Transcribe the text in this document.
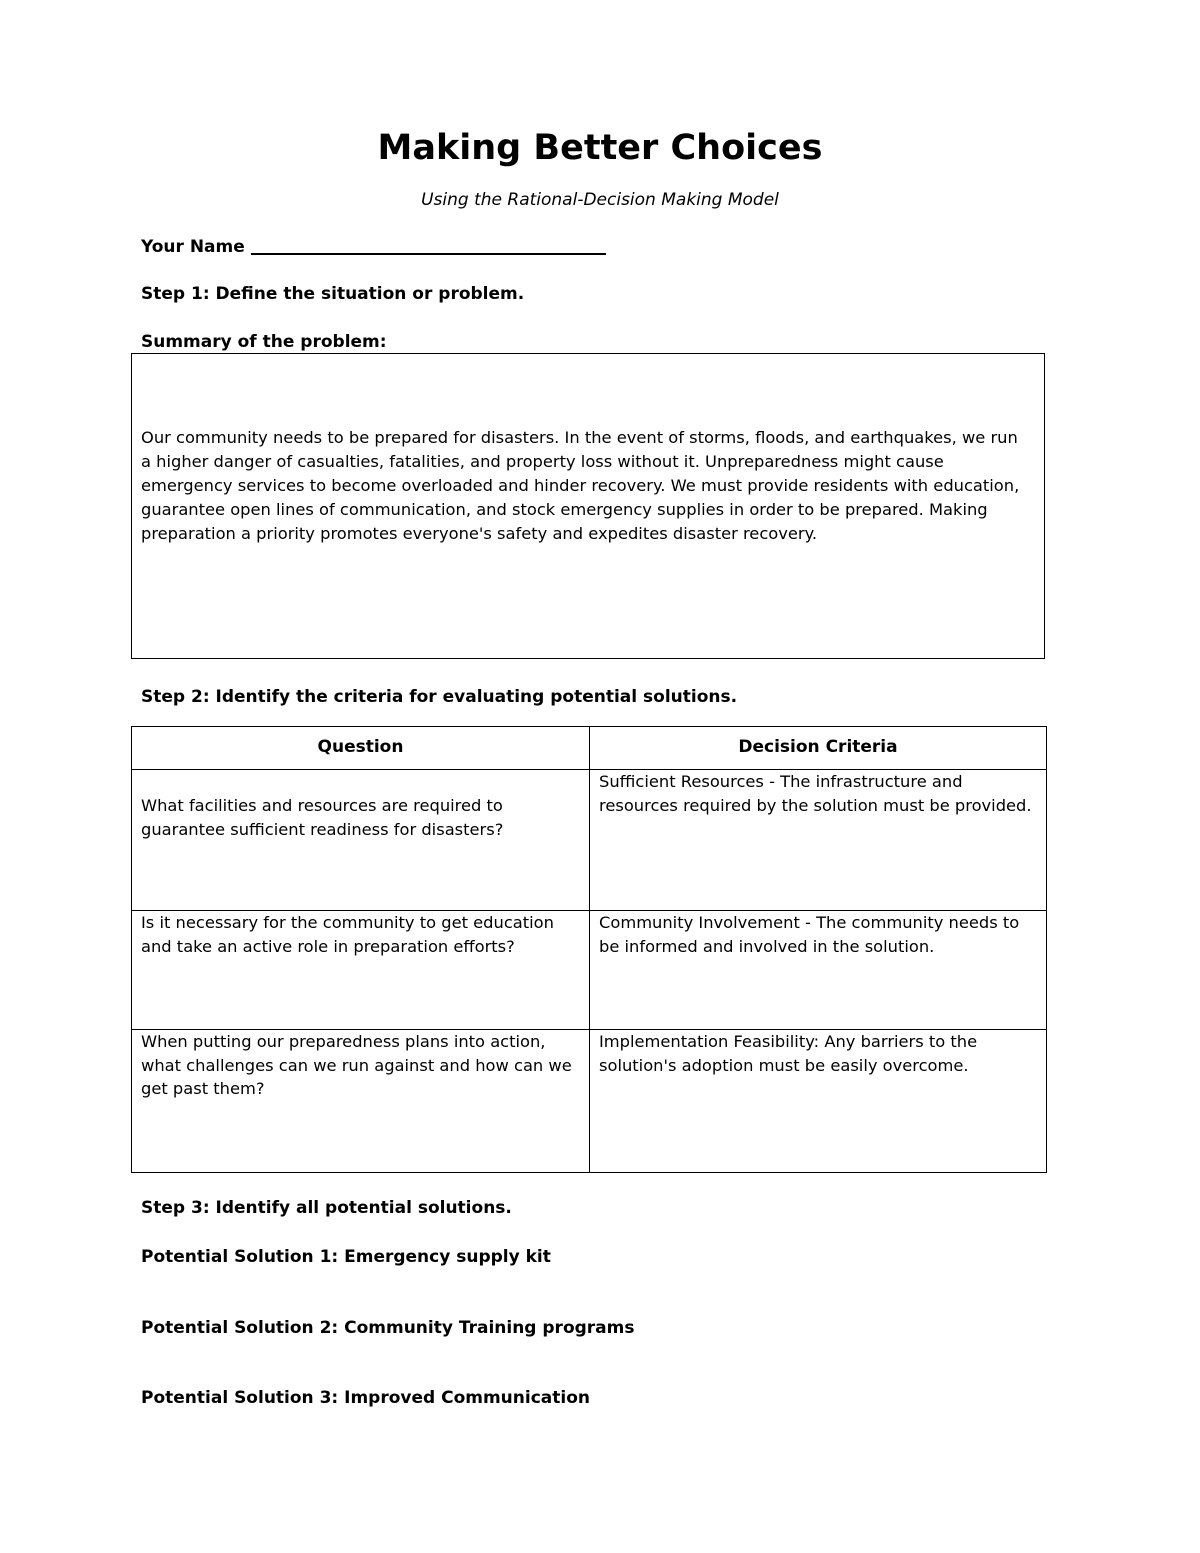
Making Better Choices

Using the Rational-Decision Making Model

Your Name

Step 1: Define the situation or problem.

Summary of the problem:

Our community needs to be prepared for disasters. In the event of storms, floods, and earthquakes, we run a higher danger of casualties, fatalities, and property loss without it. Unpreparedness might cause emergency services to become overloaded and hinder recovery. We must provide residents with education, guarantee open lines of communication, and stock emergency supplies in order to be prepared. Making preparation a priority promotes everyone's safety and expedites disaster recovery.

Step 2: Identify the criteria for evaluating potential solutions.

Question	Decision Criteria

What facilities and resources are required to guarantee sufficient readiness for disasters?	Sufficient Resources - The infrastructure and resources required by the solution must be provided.
Is it necessary for the community to get education and take an active role in preparation efforts?	Community Involvement - The community needs to be informed and involved in the solution.
When putting our preparedness plans into action, what challenges can we run against and how can we get past them?	Implementation Feasibility: Any barriers to the solution's adoption must be easily overcome.

Step 3: Identify all potential solutions.

Potential Solution 1: Emergency supply kit

Potential Solution 2: Community Training programs

Potential Solution 3: Improved Communication
